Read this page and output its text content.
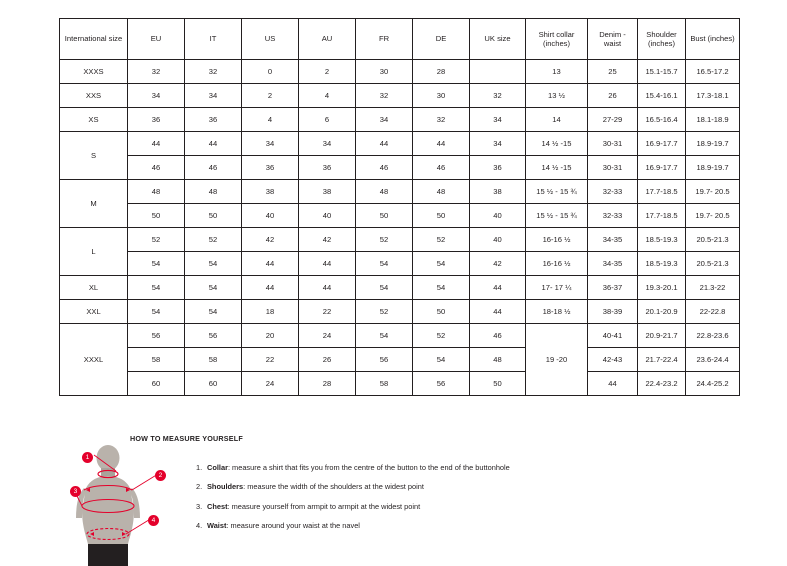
International size	EU	IT	US	AU	FR	DE	UK size	Shirt collar (inches)	Denim - waist	Shoulder (inches)	Bust (inches)
XXXS	32	32	0	2	30	28		13	25	15.1-15.7	16.5-17.2
XXS	34	34	2	4	32	30	32	13 ½	26	15.4-16.1	17.3-18.1
XS	36	36	4	6	34	32	34	14	27-29	16.5-16.4	18.1-18.9
S	44	44	34	34	44	44	34	14 ½ -15	30-31	16.9-17.7	18.9-19.7
	46	46	36	36	46	46	36	14 ½ -15	30-31	16.9-17.7	18.9-19.7
M	48	48	38	38	48	48	38	15 ½ - 15 ¾	32-33	17.7-18.5	19.7- 20.5
	50	50	40	40	50	50	40	15 ½ - 15 ¾	32-33	17.7-18.5	19.7- 20.5
L	52	52	42	42	52	52	40	16-16 ½	34-35	18.5-19.3	20.5-21.3
	54	54	44	44	54	54	42	16-16 ½	34-35	18.5-19.3	20.5-21.3
XL	54	54	44	44	54	54	44	17- 17 ¼	36-37	19.3-20.1	21.3-22
XXL	54	54	18	22	52	50	44	18-18 ½	38-39	20.1-20.9	22-22.8
XXXL	56	56	20	24	54	52	46	19 -20	40-41	20.9-21.7	22.8-23.6
	58	58	22	26	56	54	48		42-43	21.7-22.4	23.6-24.4
	60	60	24	28	58	56	50		44	22.4-23.2	24.4-25.2
HOW TO MEASURE YOURSELF
1. Collar: measure a shirt that fits you from the centre of the button to the end of the buttonhole
2. Shoulders: measure the width of the shoulders at the widest point
3. Chest: measure yourself from armpit to armpit at the widest point
4. Waist: measure around your waist at the navel
1
2
3
4
